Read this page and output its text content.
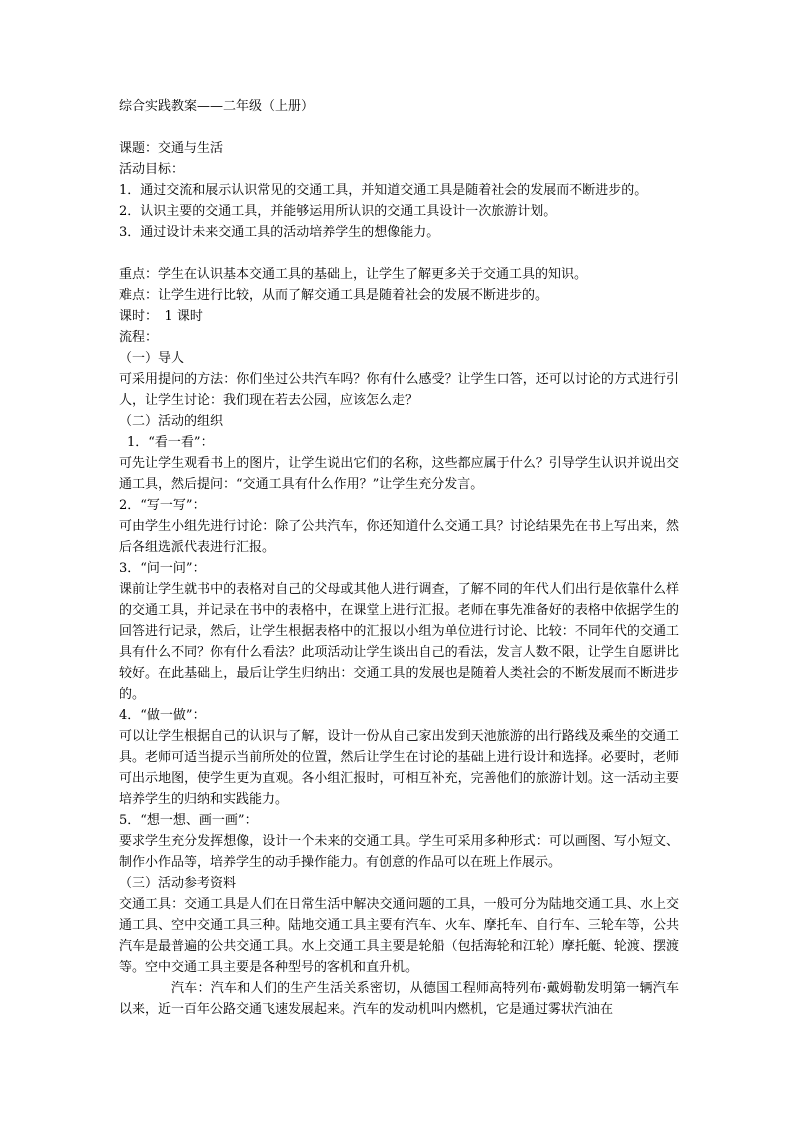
综合实践教案——二年级（上册）
课题：交通与生活
活动目标：
1．通过交流和展示认识常见的交通工具，并知道交通工具是随着社会的发展而不断进步的。
2．认识主要的交通工具，并能够运用所认识的交通工具设计一次旅游计划。
3．通过设计未来交通工具的活动培养学生的想像能力。
重点：学生在认识基本交通工具的基础上，让学生了解更多关于交通工具的知识。
难点：让学生进行比较，从而了解交通工具是随着社会的发展不断进步的。
课时：　1 课时
流程：
（一）导人
可采用提问的方法：你们坐过公共汽车吗？你有什么感受？让学生口答，还可以讨论的方式进行引人，让学生讨论：我们现在若去公园，应该怎么走？
（二）活动的组织
1．“看一看”：
可先让学生观看书上的图片，让学生说出它们的名称，这些都应属于什么？引导学生认识并说出交通工具，然后提问：“交通工具有什么作用？”让学生充分发言。
2．“写一写”：
可由学生小组先进行讨论：除了公共汽车，你还知道什么交通工具？讨论结果先在书上写出来，然后各组选派代表进行汇报。
3．“问一问”：
课前让学生就书中的表格对自己的父母或其他人进行调查，了解不同的年代人们出行是依靠什么样的交通工具，并记录在书中的表格中，在课堂上进行汇报。老师在事先准备好的表格中依据学生的回答进行记录，然后，让学生根据表格中的汇报以小组为单位进行讨论、比较：不同年代的交通工具有什么不同？你有什么看法？此项活动让学生谈出自己的看法，发言人数不限，让学生自愿讲比较好。在此基础上，最后让学生归纳出：交通工具的发展也是随着人类社会的不断发展而不断进步的。
4．“做一做”：
可以让学生根据自己的认识与了解，设计一份从自己家出发到天池旅游的出行路线及乘坐的交通工具。老师可适当提示当前所处的位置，然后让学生在讨论的基础上进行设计和选择。必要时，老师可出示地图，使学生更为直观。各小组汇报时，可相互补充，完善他们的旅游计划。这一活动主要培养学生的归纳和实践能力。
5．“想一想、画一画”：
要求学生充分发挥想像，设计一个未来的交通工具。学生可采用多种形式：可以画图、写小短文、制作小作品等，培养学生的动手操作能力。有创意的作品可以在班上作展示。
（三）活动参考资料
交通工具：交通工具是人们在日常生活中解决交通问题的工具，一般可分为陆地交通工具、水上交通工具、空中交通工具三种。陆地交通工具主要有汽车、火车、摩托车、自行车、三轮车等，公共汽车是最普遍的公共交通工具。水上交通工具主要是轮船（包括海轮和江轮）摩托艇、轮渡、摆渡等。空中交通工具主要是各种型号的客机和直升机。
汽车：汽车和人们的生产生活关系密切，从德国工程师高特列布·戴姆勒发明第一辆汽车以来，近一百年公路交通飞速发展起来。汽车的发动机叫内燃机，它是通过雾状汽油在
